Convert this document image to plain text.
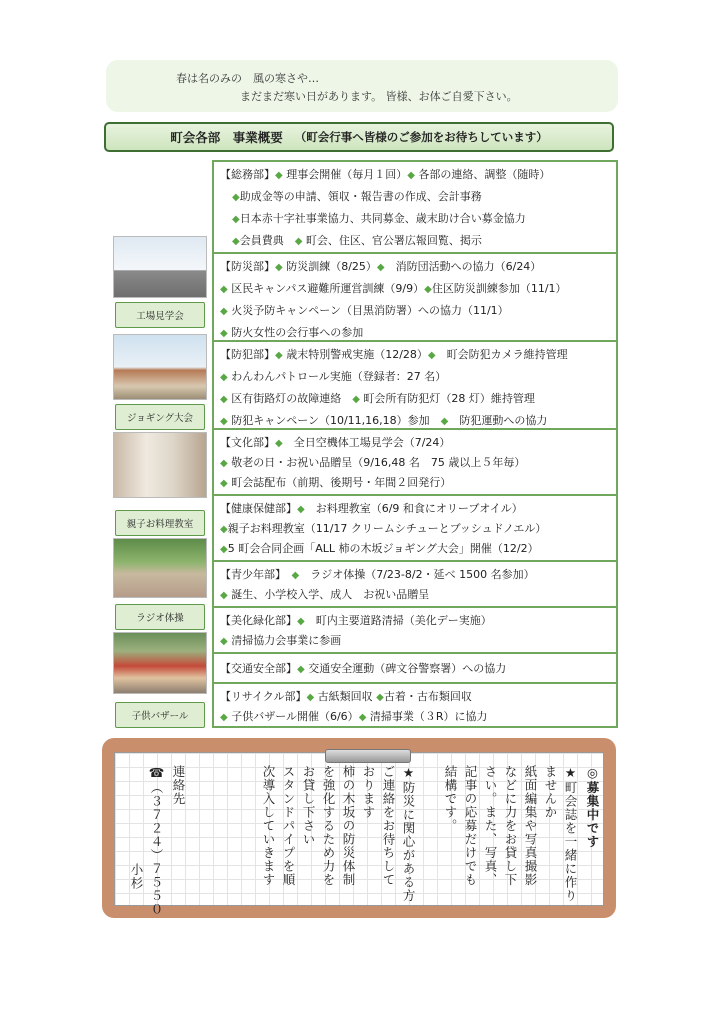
春は名のみの　風の寒さや…
まだまだ寒い日があります。 皆様、お体ご自愛下さい。
町会各部　事業概要 （町会行事へ皆様のご参加をお待ちしています）
工場見学会
ジョギング大会
親子お料理教室
ラジオ体操
子供バザール
【総務部】◆ 理事会開催（毎月１回）◆ 各部の連絡、調整（随時）
◆助成金等の申請、領収・報告書の作成、会計事務
◆日本赤十字社事業協力、共同募金、歳末助け合い募金協力
◆会員費典　◆ 町会、住区、官公署広報回覧、掲示
【防災部】◆ 防災訓練（8/25）◆　消防団活動への協力（6/24）
◆ 区民キャンパス避難所運営訓練（9/9）◆住区防災訓練参加（11/1）
◆ 火災予防キャンペーン（目黒消防署）への協力（11/1）
◆ 防火女性の会行事への参加
【防犯部】◆ 歳末特別警戒実施（12/28）◆　町会防犯カメラ維持管理
◆ わんわんパトロール実施（登録者：27 名）
◆ 区有街路灯の故障連絡　◆ 町会所有防犯灯（28 灯）維持管理
◆ 防犯キャンペーン（10/11,16,18）参加　◆　防犯運動への協力
【文化部】◆　全日空機体工場見学会（7/24）
◆ 敬老の日・お祝い品贈呈（9/16,48 名　75 歳以上５年毎）
◆ 町会誌配布（前期、後期号・年間２回発行）
【健康保健部】◆　お料理教室（6/9 和食にオリーブオイル）
◆親子お料理教室（11/17 クリームシチューとブッシュドノエル）
◆5 町会合同企画「ALL 柿の木坂ジョギング大会」開催（12/2）
【青少年部】　◆　ラジオ体操（7/23-8/2・延べ 1500 名参加）
◆ 誕生、小学校入学、成人　お祝い品贈呈
【美化緑化部】◆　町内主要道路清掃（美化デー実施）
◆ 清掃協力会事業に参画
【交通安全部】◆ 交通安全運動（碑文谷警察署）への協力
【リサイクル部】◆ 古紙類回収 ◆古着・古布類回収
◆ 子供バザール開催（6/6）◆ 清掃事業（３R）に協力
◎募集中です
★町会誌を一緒に作り
ませんか
紙面編集や写真撮影
などに力をお貸し下
さい。また、写真、
記事の応募だけでも
結構です。
★防災に関心がある方
ご連絡をお待ちして
おります
柿の木坂の防災体制
を強化するため力を
お貸し下さい
スタンドパイプを順
次導入していきます
連絡先
☎（３７２４）７５５０
小杉
